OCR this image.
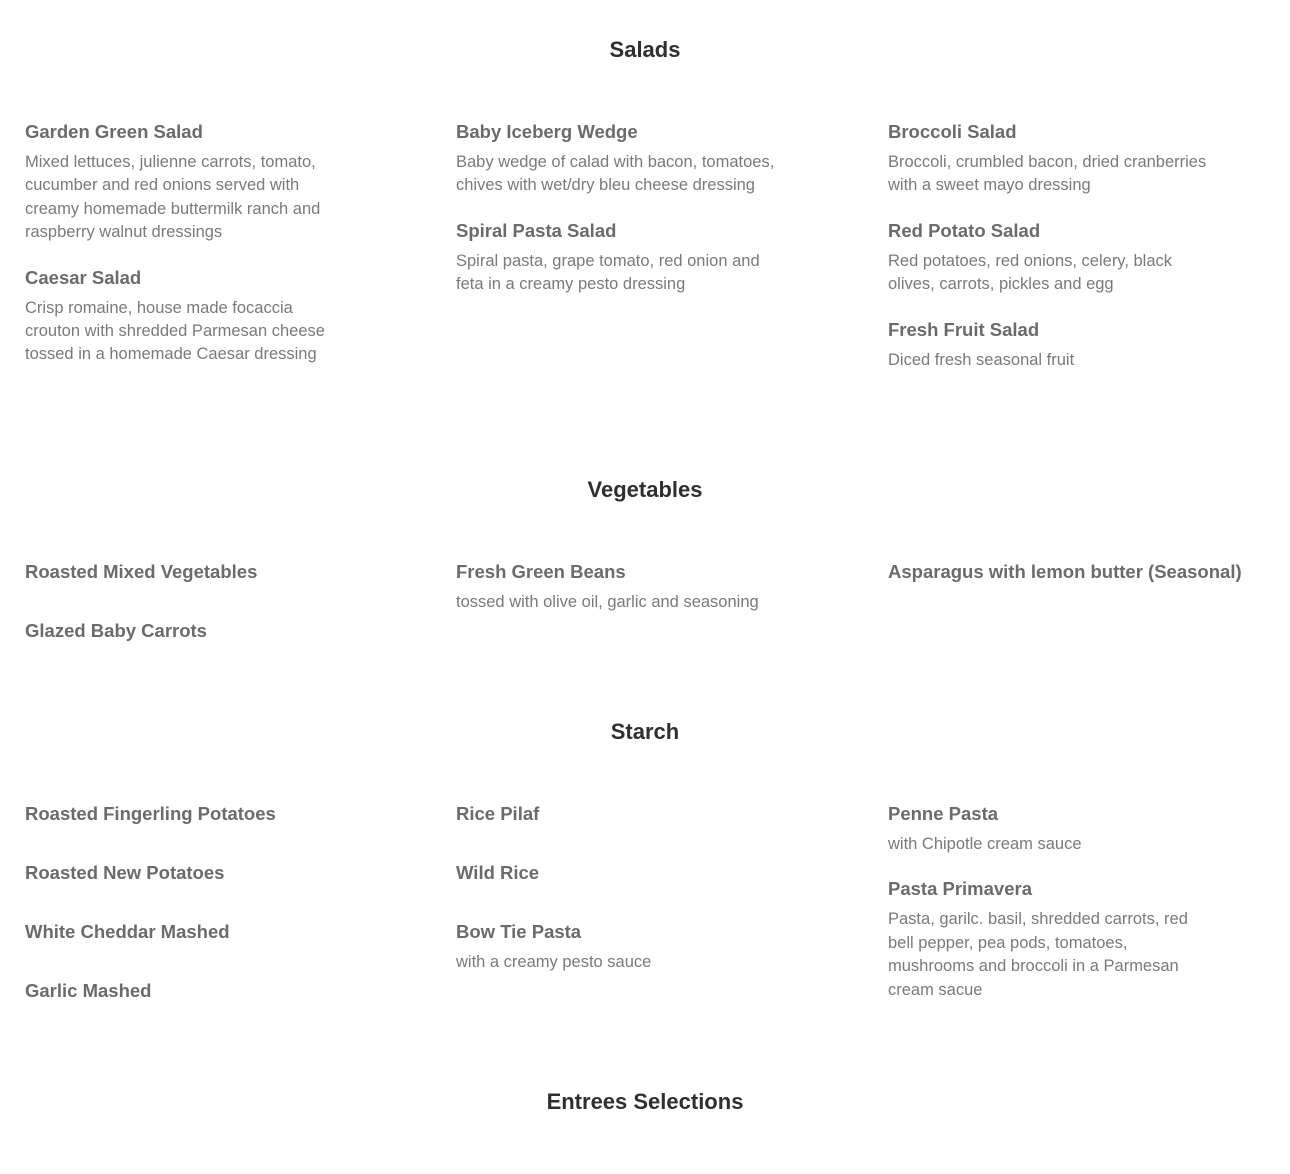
Salads
Garden Green Salad

Mixed lettuces, julienne carrots, tomato, cucumber and red onions served with creamy homemade buttermilk ranch and raspberry walnut dressings

Caesar Salad

Crisp romaine, house made focaccia crouton with shredded Parmesan cheese tossed in a homemade Caesar dressing

Baby Iceberg Wedge

Baby wedge of calad with bacon, tomatoes, chives with wet/dry bleu cheese dressing

Spiral Pasta Salad

Spiral pasta, grape tomato, red onion and feta in a creamy pesto dressing

Broccoli Salad

Broccoli, crumbled bacon, dried cranberries with a sweet mayo dressing

Red Potato Salad

Red potatoes, red onions, celery, black olives, carrots, pickles and egg

Fresh Fruit Salad

Diced fresh seasonal fruit

Vegetables
Roasted Mixed Vegetables
Glazed Baby Carrots
Fresh Green Beans

tossed with olive oil, garlic and seasoning

Asparagus with lemon butter (Seasonal)
Starch
Roasted Fingerling Potatoes
Roasted New Potatoes
White Cheddar Mashed
Garlic Mashed
Rice Pilaf
Wild Rice
Bow Tie Pasta

with a creamy pesto sauce

Penne Pasta

with Chipotle cream sauce

Pasta Primavera

Pasta, garilc. basil, shredded carrots, red bell pepper, pea pods, tomatoes, mushrooms and broccoli in a Parmesan cream sacue

Entrees Selections
